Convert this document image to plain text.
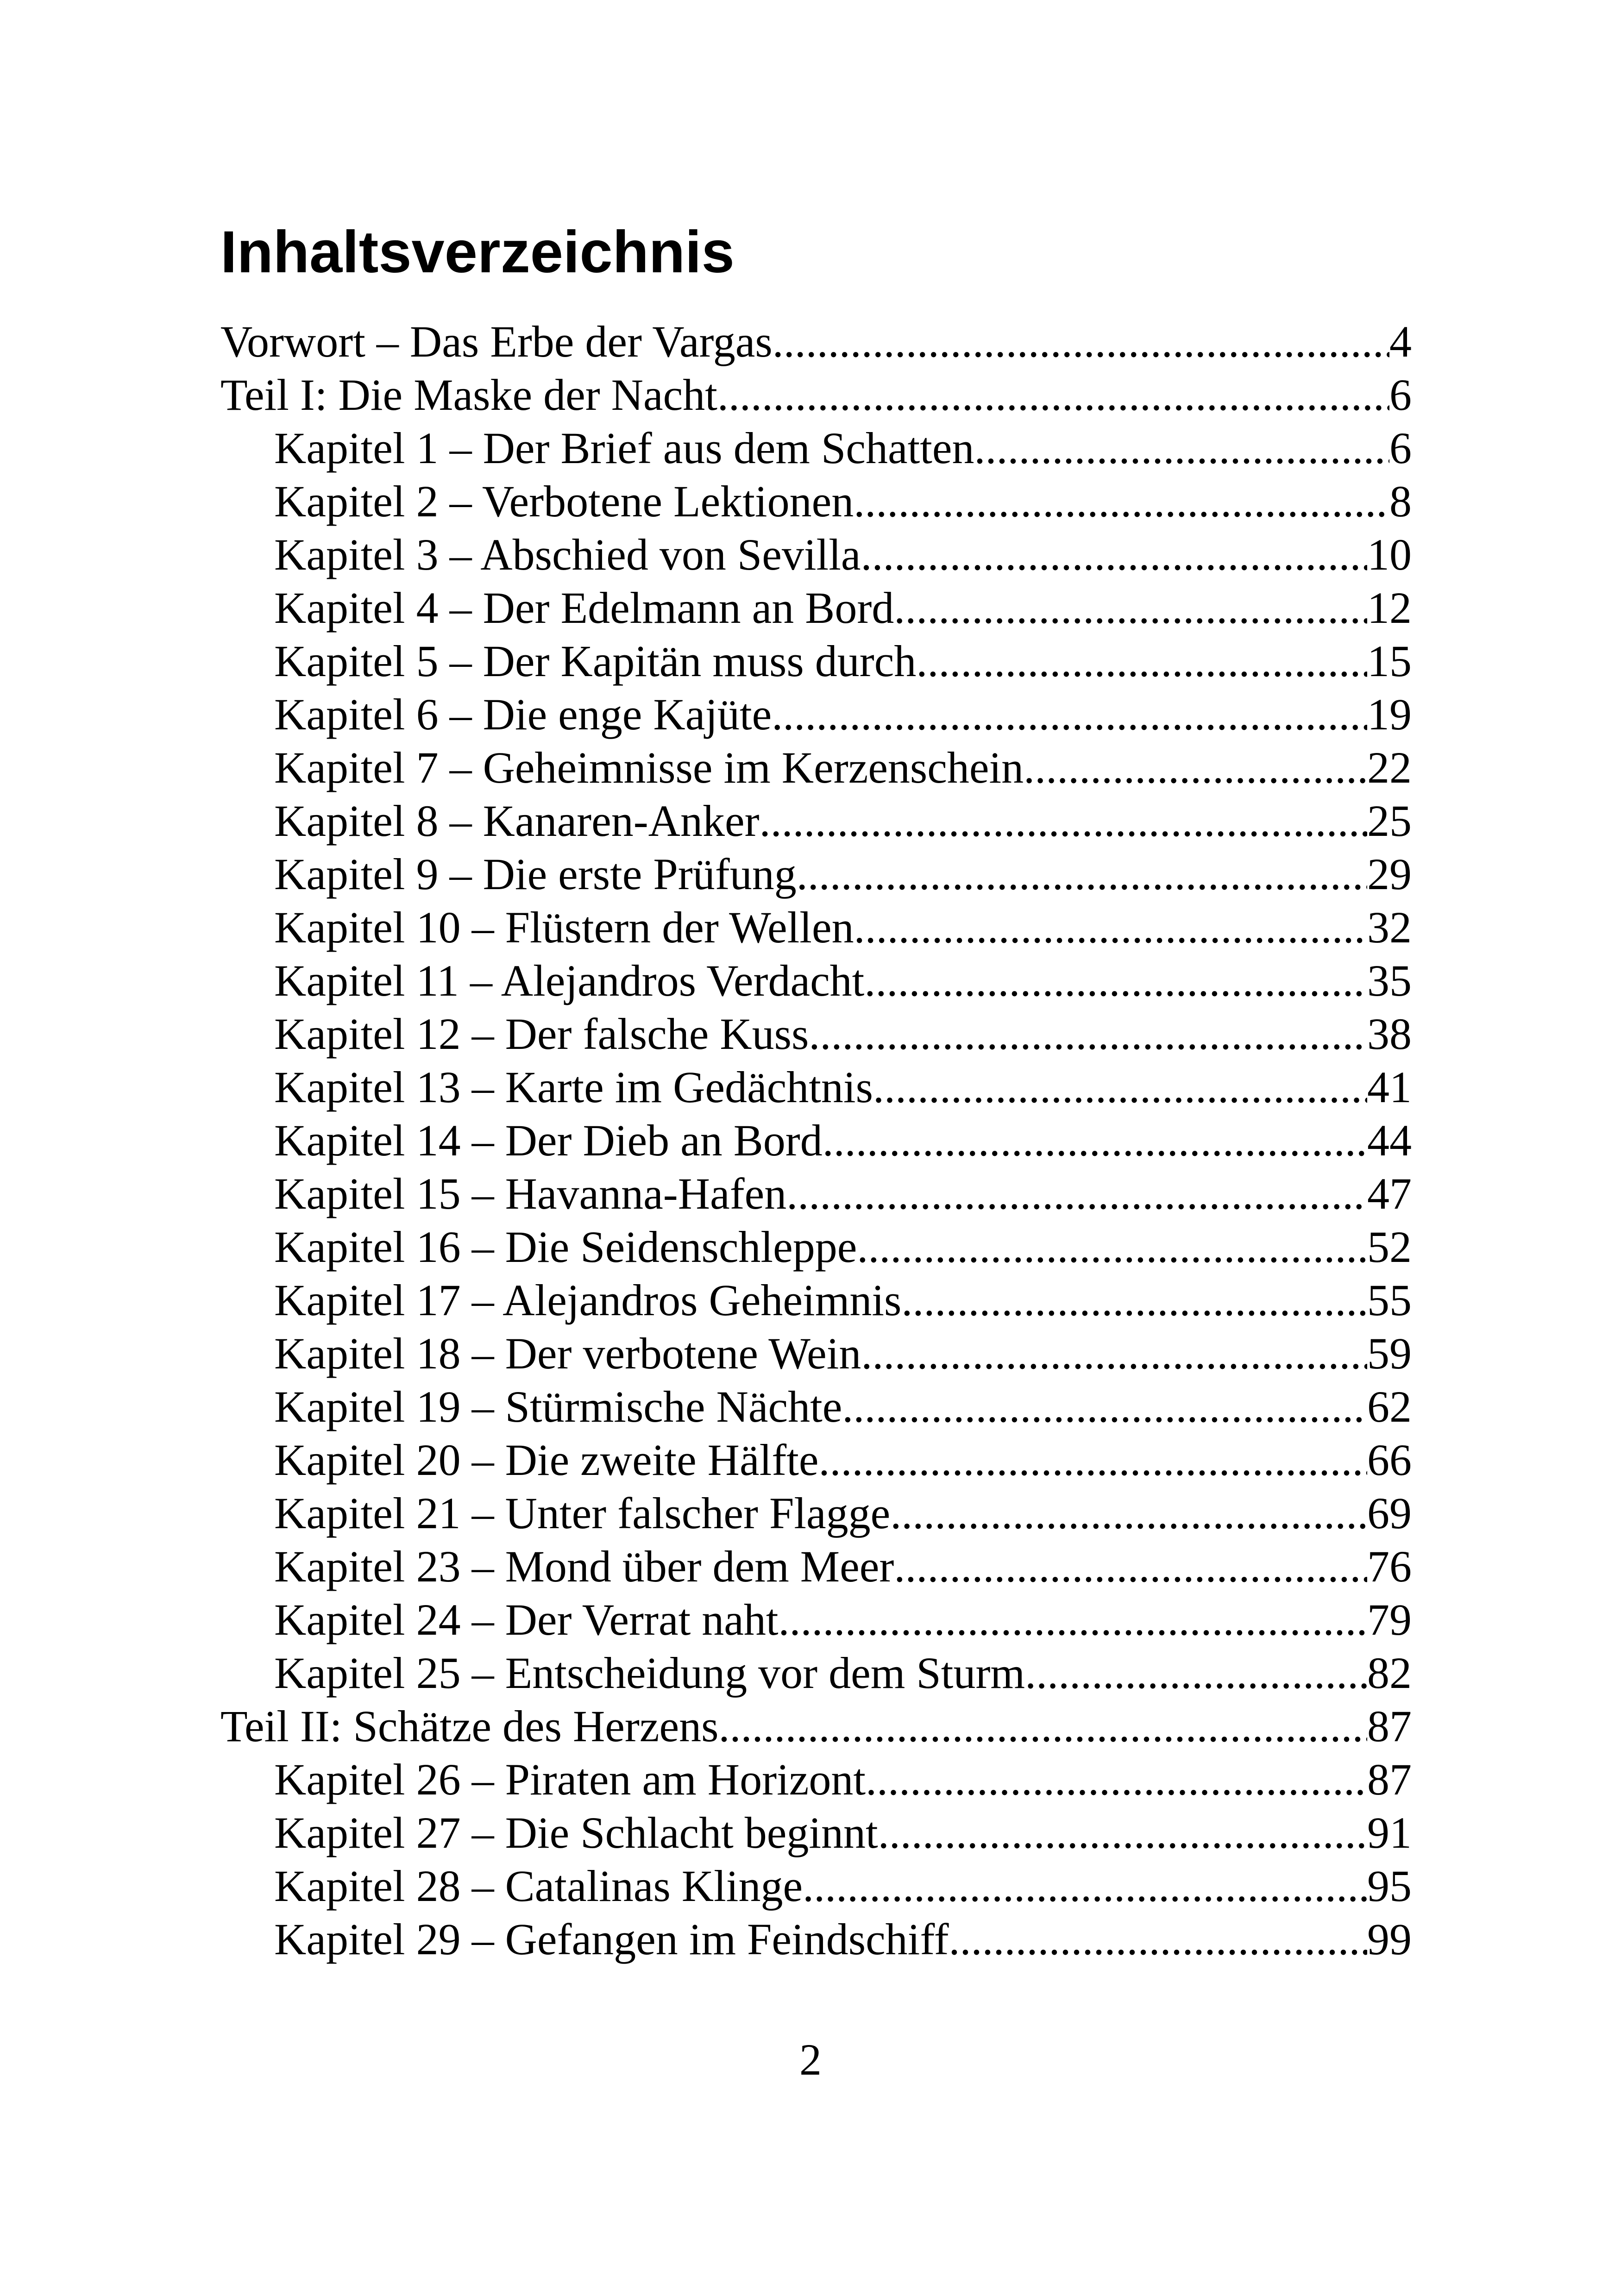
Inhaltsverzeichnis
Vorwort – Das Erbe der Vargas .....	4
Teil I: Die Maske der Nacht .....	6
Kapitel 1 – Der Brief aus dem Schatten .....	6
Kapitel 2 – Verbotene Lektionen .....	8
Kapitel 3 – Abschied von Sevilla .....	10
Kapitel 4 – Der Edelmann an Bord .....	12
Kapitel 5 – Der Kapitän muss durch .....	15
Kapitel 6 – Die enge Kajüte .....	19
Kapitel 7 – Geheimnisse im Kerzenschein .....	22
Kapitel 8 – Kanaren-Anker .....	25
Kapitel 9 – Die erste Prüfung .....	29
Kapitel 10 – Flüstern der Wellen .....	32
Kapitel 11 – Alejandros Verdacht .....	35
Kapitel 12 – Der falsche Kuss .....	38
Kapitel 13 – Karte im Gedächtnis .....	41
Kapitel 14 – Der Dieb an Bord .....	44
Kapitel 15 – Havanna-Hafen .....	47
Kapitel 16 – Die Seidenschleppe .....	52
Kapitel 17 – Alejandros Geheimnis .....	55
Kapitel 18 – Der verbotene Wein .....	59
Kapitel 19 – Stürmische Nächte .....	62
Kapitel 20 – Die zweite Hälfte .....	66
Kapitel 21 – Unter falscher Flagge .....	69
Kapitel 23 – Mond über dem Meer .....	76
Kapitel 24 – Der Verrat naht .....	79
Kapitel 25 – Entscheidung vor dem Sturm .....	82
Teil II: Schätze des Herzens .....	87
Kapitel 26 – Piraten am Horizont .....	87
Kapitel 27 – Die Schlacht beginnt .....	91
Kapitel 28 – Catalinas Klinge .....	95
Kapitel 29 – Gefangen im Feindschiff .....	99
2
